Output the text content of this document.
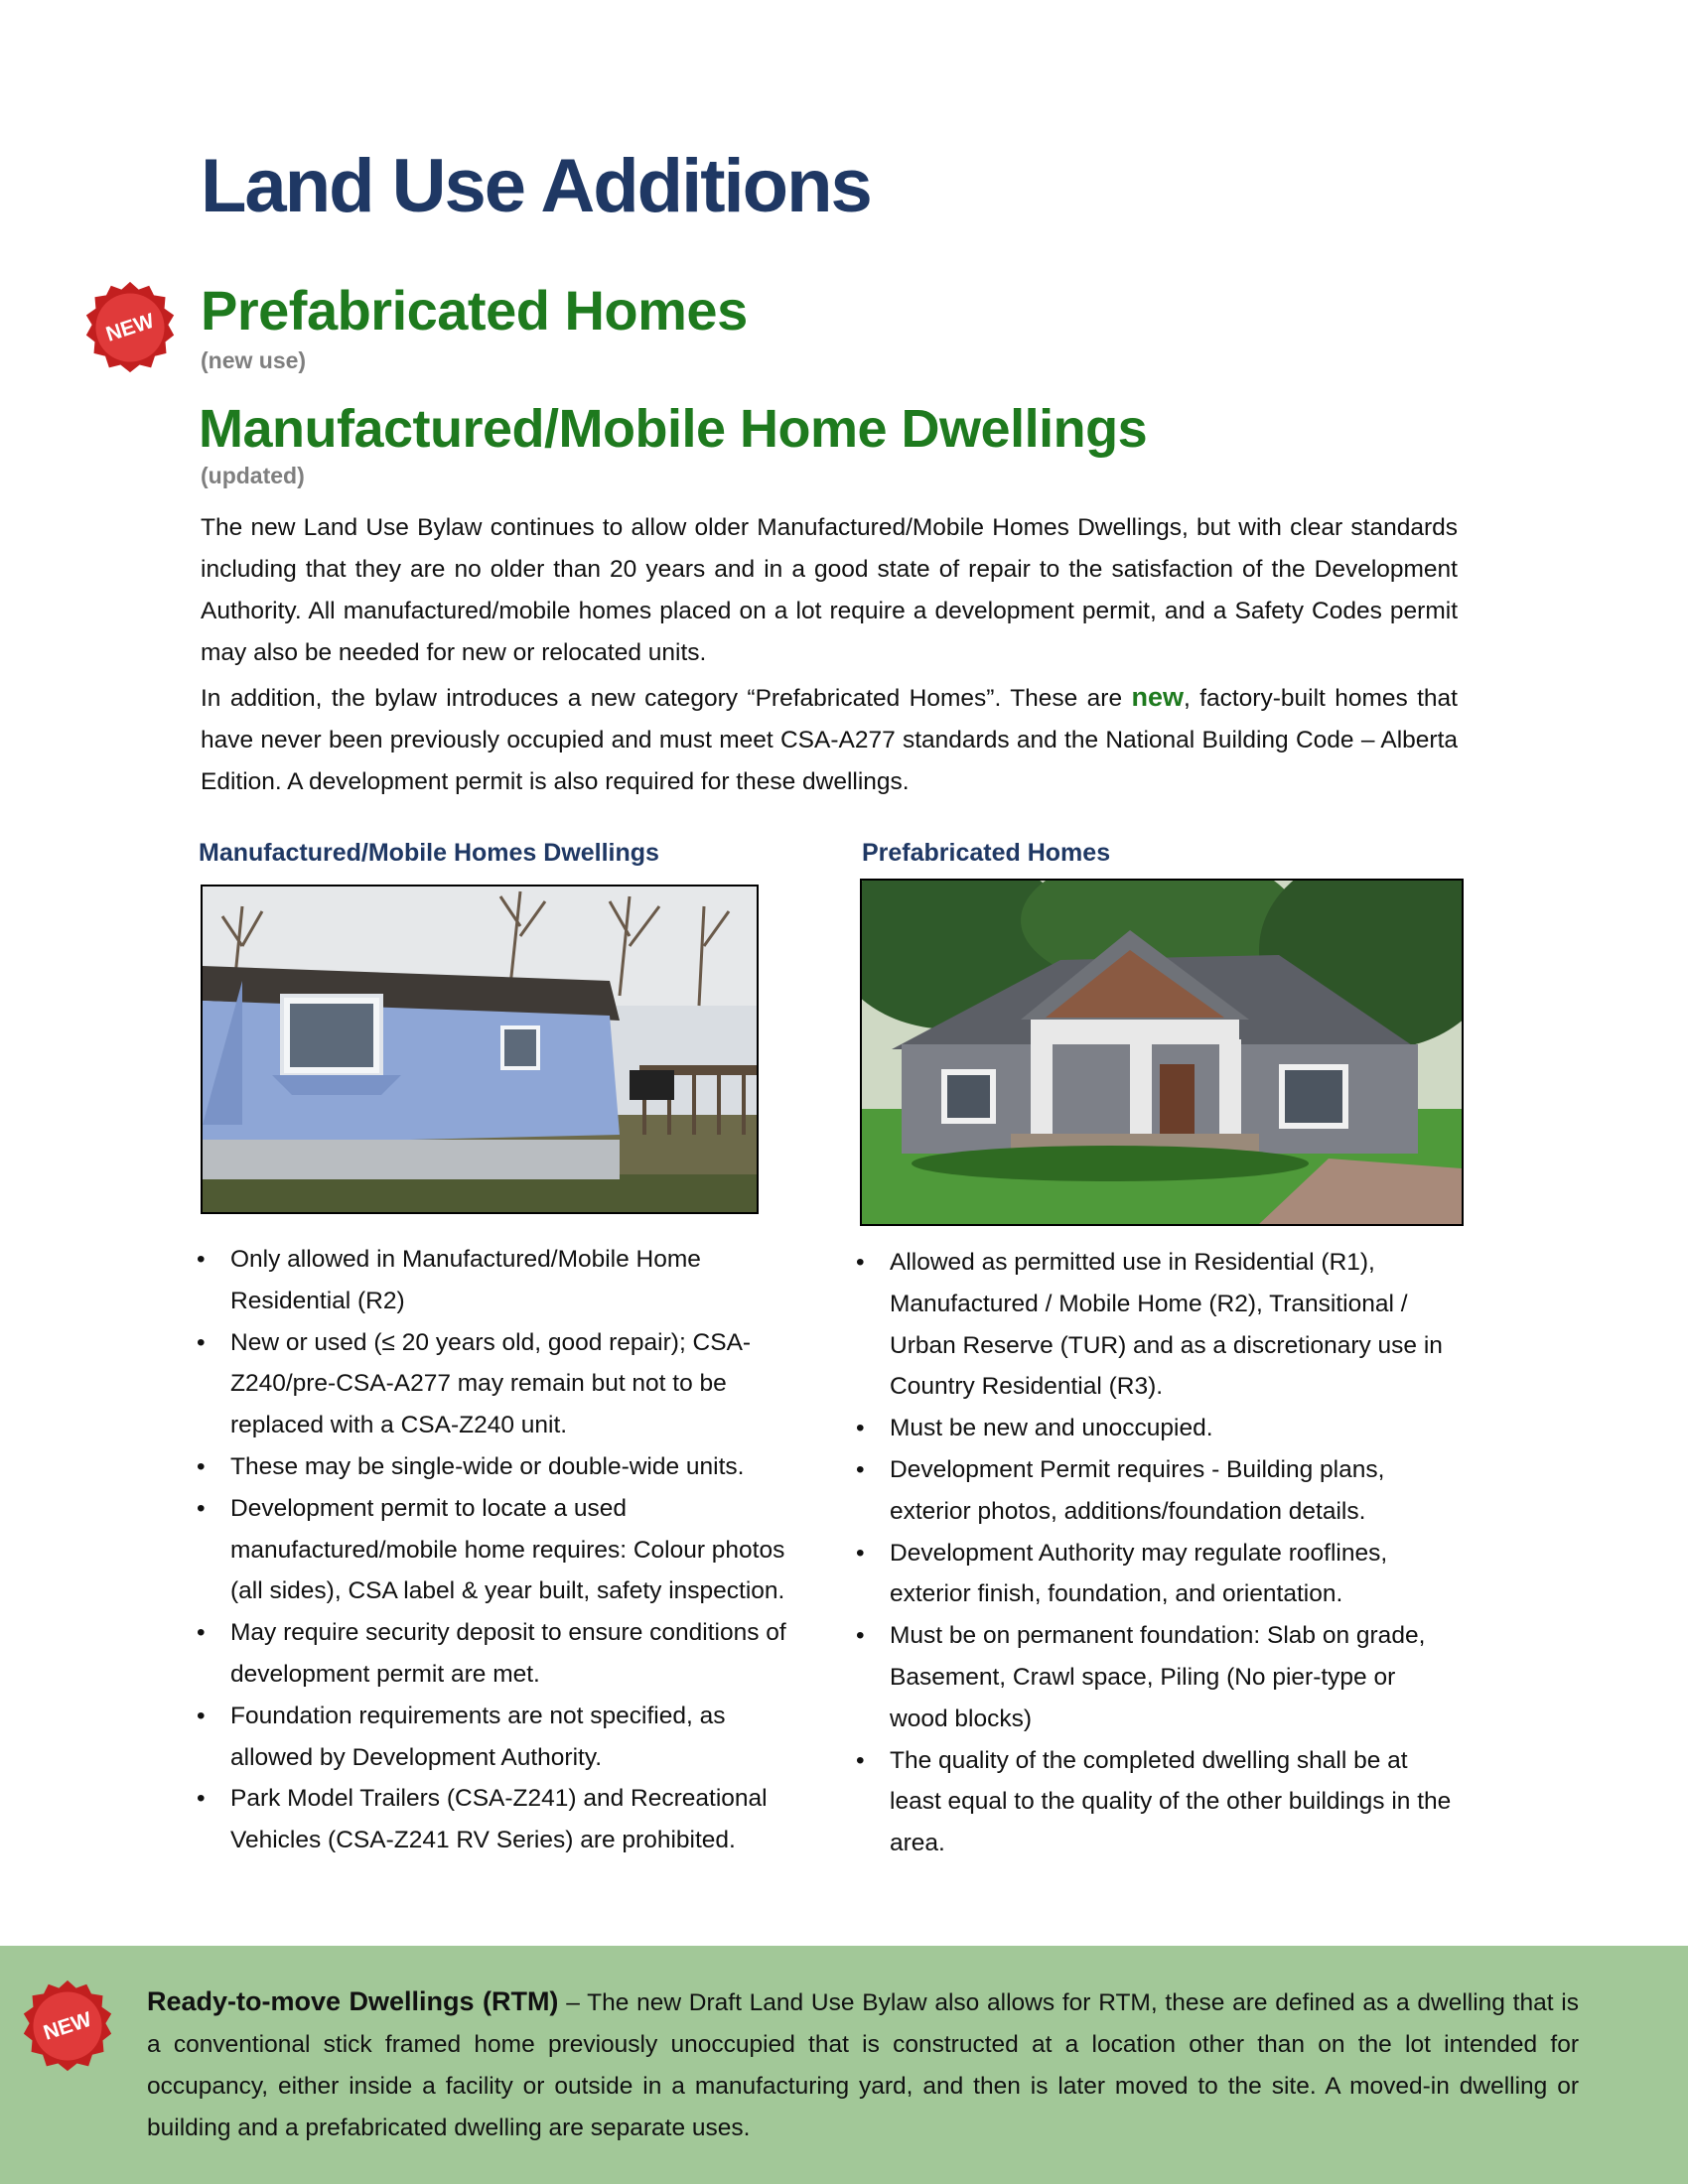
Land Use Additions
NEW Prefabricated Homes
(new use)
Manufactured/Mobile Home Dwellings
(updated)

The new Land Use Bylaw continues to allow older Manufactured/Mobile Homes Dwellings, but with clear standards including that they are no older than 20 years and in a good state of repair to the satisfaction of the Development Authority. All manufactured/mobile homes placed on a lot require a development permit, and a Safety Codes permit may also be needed for new or relocated units.

In addition, the bylaw introduces a new category “Prefabricated Homes”. These are new, factory-built homes that have never been previously occupied and must meet CSA-A277 standards and the National Building Code – Alberta Edition. A development permit is also required for these dwellings.

Manufactured/Mobile Homes Dwellings	Prefabricated Homes
• Only allowed in Manufactured/Mobile Home Residential (R2)
• New or used (≤ 20 years old, good repair); CSA-Z240/pre-CSA-A277 may remain but not to be replaced with a CSA-Z240 unit.
• These may be single-wide or double-wide units.
• Development permit to locate a used manufactured/mobile home requires: Colour photos (all sides), CSA label & year built, safety inspection.
• May require security deposit to ensure conditions of development permit are met.
• Foundation requirements are not specified, as allowed by Development Authority.
• Park Model Trailers (CSA-Z241) and Recreational Vehicles (CSA-Z241 RV Series) are prohibited.
• Allowed as permitted use in Residential (R1), Manufactured / Mobile Home (R2), Transitional / Urban Reserve (TUR) and as a discretionary use in Country Residential (R3).
• Must be new and unoccupied.
• Development Permit requires - Building plans, exterior photos, additions/foundation details.
• Development Authority may regulate rooflines, exterior finish, foundation, and orientation.
• Must be on permanent foundation: Slab on grade, Basement, Crawl space, Piling (No pier-type or wood blocks)
• The quality of the completed dwelling shall be at least equal to the quality of the other buildings in the area.
NEW

Ready-to-move Dwellings (RTM) – The new Draft Land Use Bylaw also allows for RTM, these are defined as a dwelling that is a conventional stick framed home previously unoccupied that is constructed at a location other than on the lot intended for occupancy, either inside a facility or outside in a manufacturing yard, and then is later moved to the site. A moved-in dwelling or building and a prefabricated dwelling are separate uses.
